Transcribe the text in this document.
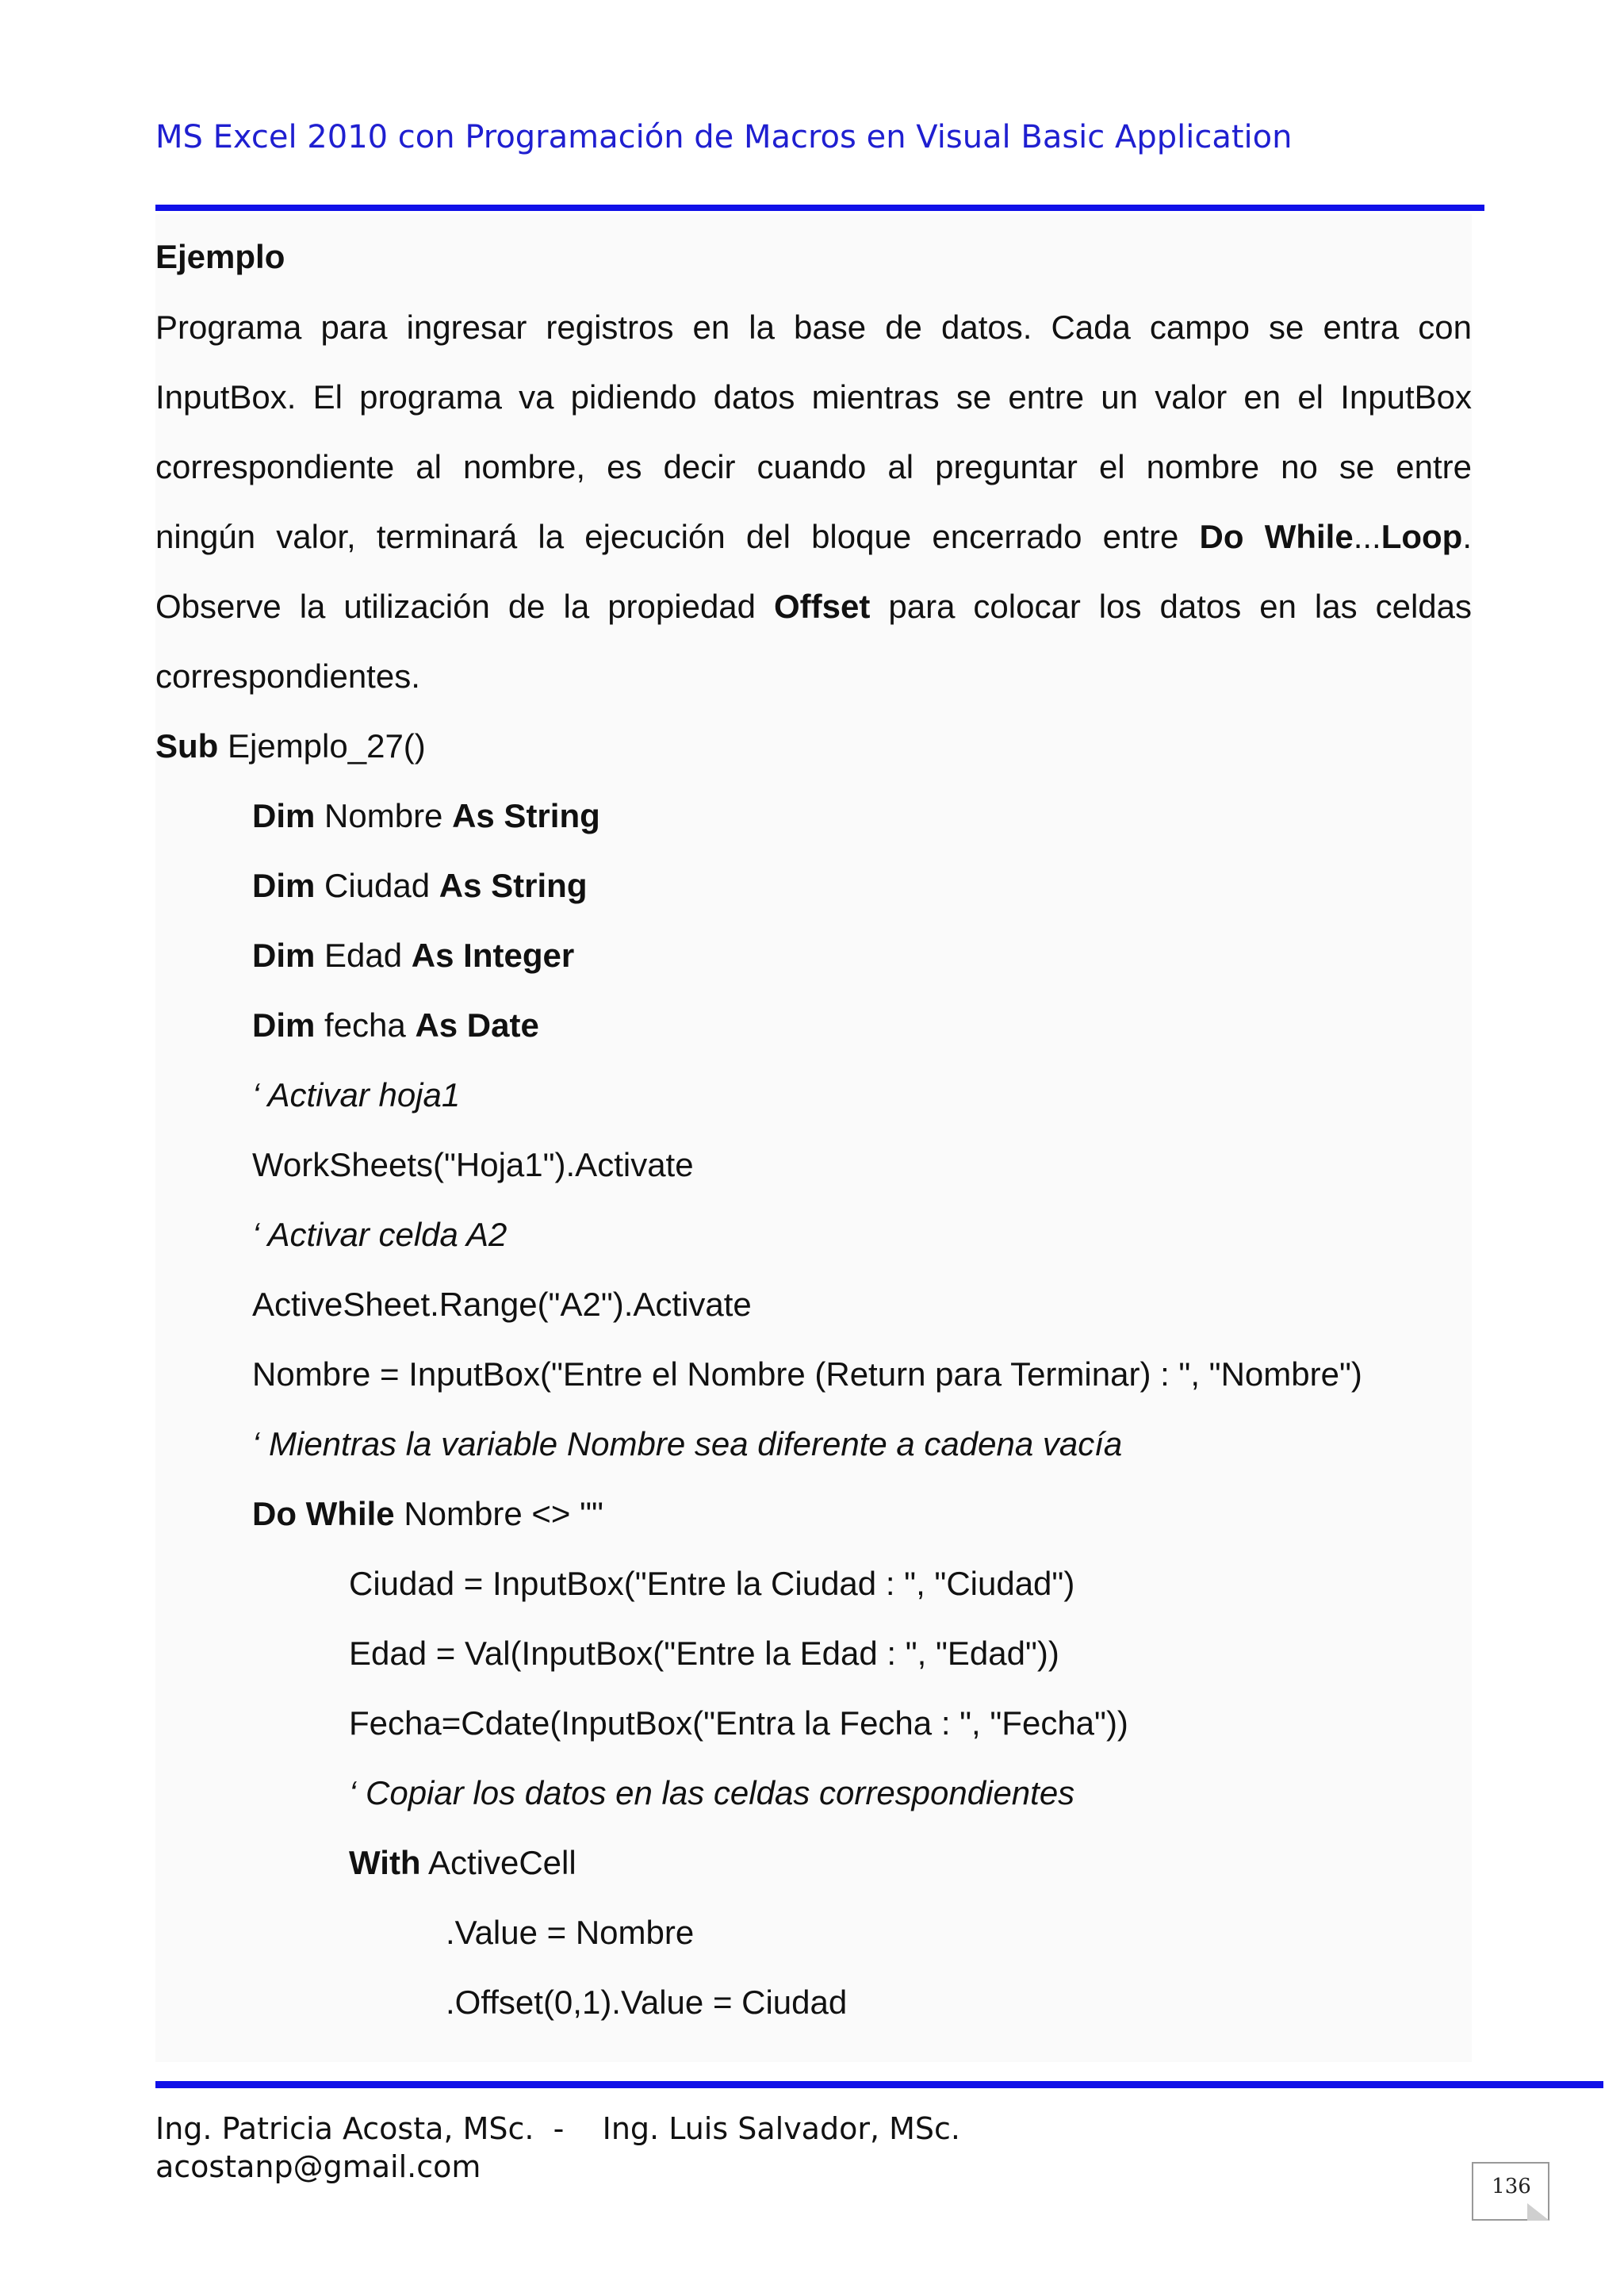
MS Excel 2010 con Programación de Macros en Visual Basic Application
Ejemplo
Programa para ingresar registros en la base de datos. Cada campo se entra con
InputBox. El programa va pidiendo datos mientras se entre un valor en el InputBox
correspondiente al nombre, es decir cuando al preguntar el nombre no se entre
ningún valor, terminará la ejecución del bloque encerrado entre Do While...Loop.
Observe la utilización de la propiedad Offset para colocar los datos en las celdas
correspondientes.
Sub Ejemplo_27()
Dim Nombre As String
Dim Ciudad As String
Dim Edad As Integer
Dim fecha As Date
‘ Activar hoja1
WorkSheets("Hoja1").Activate
‘ Activar celda A2
ActiveSheet.Range("A2").Activate
Nombre = InputBox("Entre el Nombre (Return para Terminar) : ", "Nombre")
‘ Mientras la variable Nombre sea diferente a cadena vacía
Do While Nombre <> ""
Ciudad = InputBox("Entre la Ciudad : ", "Ciudad")
Edad = Val(InputBox("Entre la Edad : ", "Edad"))
Fecha=Cdate(InputBox("Entra la Fecha : ", "Fecha"))
‘ Copiar los datos en las celdas correspondientes
With ActiveCell
.Value = Nombre
.Offset(0,1).Value = Ciudad
Ing. Patricia Acosta, MSc.  -    Ing. Luis Salvador, MSc.
acostanp@gmail.com
136
